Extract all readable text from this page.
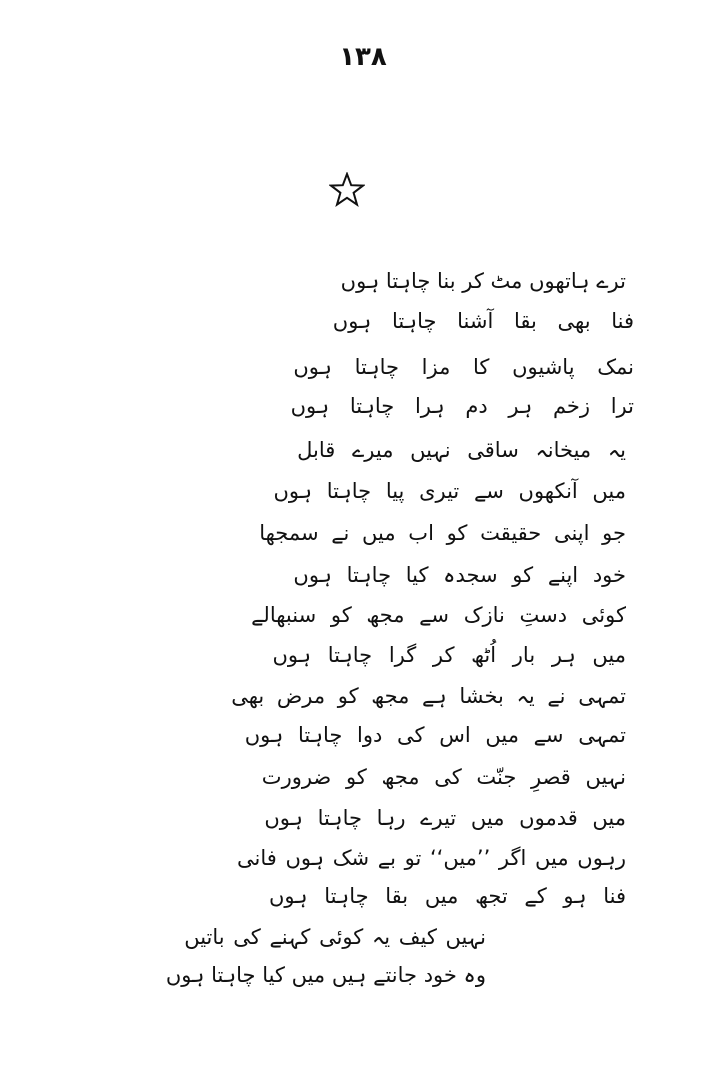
۱۳۸
ترے ہاتھوں مٹ کر بنا چاہتا ہوں
فنا بھی بقا آشنا چاہتا ہوں
نمک پاشیوں کا مزا چاہتا ہوں
ترا زخم ہر دم ہرا چاہتا ہوں
یہ میخانہ ساقی نہیں میرے قابل
میں آنکھوں سے تیری پیا چاہتا ہوں
جو اپنی حقیقت کو اب میں نے سمجھا
خود اپنے کو سجدہ کیا چاہتا ہوں
کوئی دستِ نازک سے مجھ کو سنبھالے
میں ہر بار اُٹھ کر گرا چاہتا ہوں
تمہی نے یہ بخشا ہے مجھ کو مرض بھی
تمہی سے میں اس کی دوا چاہتا ہوں
نہیں قصرِ جنّت کی مجھ کو ضرورت
میں قدموں میں تیرے رہا چاہتا ہوں
رہوں میں اگر ’’میں‘‘ تو بے شک ہوں فانی
فنا ہو کے تجھ میں بقا چاہتا ہوں
نہیں کیف یہ کوئی کہنے کی باتیں
وہ خود جانتے ہیں میں کیا چاہتا ہوں
